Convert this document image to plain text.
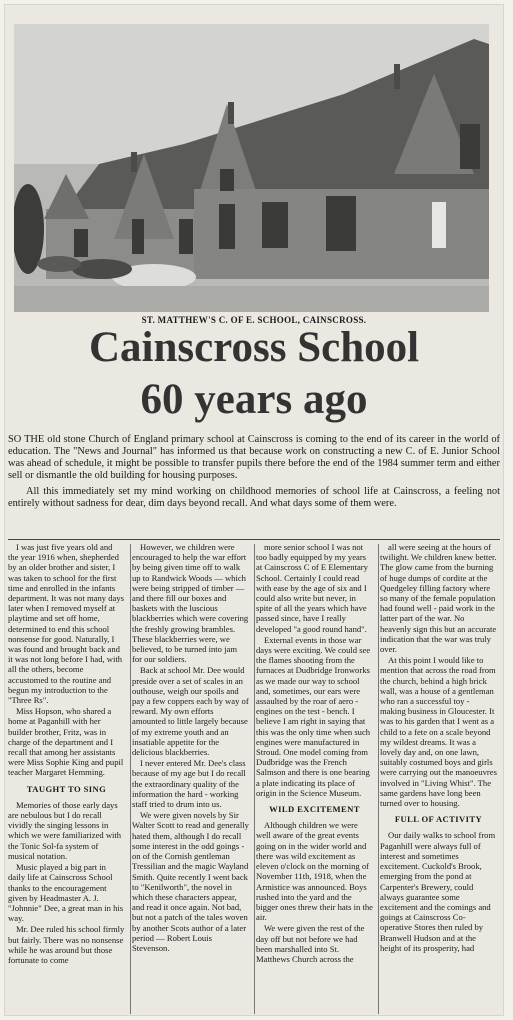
ST. MATTHEW'S C. OF E. SCHOOL, CAINSCROSS.
Cainscross School
60 years ago

SO THE old stone Church of England primary school at Cainscross is coming to the end of its career in the world of education. The "News and Journal" has informed us that because work on constructing a new C. of E. Junior School was ahead of schedule, it might be possible to transfer pupils there before the end of the 1984 summer term and either sell or dismantle the old building for housing purposes.

All this immediately set my mind working on childhood memories of school life at Cainscross, a feeling not entirely without sadness for dear, dim days beyond recall. And what days some of them were.

I was just five years old and the year 1916 when, shepherded by an older brother and sister, I was taken to school for the first time and enrolled in the infants department. It was not many days later when I removed myself at playtime and set off home, determined to end this school nonsense for good. Naturally, I was found and brought back and it was not long before I had, with all the others, become accustomed to the routine and begun my introduction to the "Three Rs".

Miss Hopson, who shared a home at Paganhill with her builder brother, Fritz, was in charge of the department and I recall that among her assistants were Miss Sophie King and pupil teacher Margaret Hemming.

TAUGHT TO SING

Memories of those early days are nebulous but I do recall vividly the singing lessons in which we were familiarized with the Tonic Sol-fa system of musical notation.

Music played a big part in daily life at Cainscross School thanks to the encouragement given by Headmaster A. J. "Johnnie" Dee, a great man in his way.

Mr. Dee ruled his school firmly but fairly. There was no nonsense while he was around but those fortunate to come

However, we children were encouraged to help the war effort by being given time off to walk up to Randwick Woods — which were being stripped of timber — and there fill our boxes and baskets with the luscious blackberries which were covering the freshly growing brambles. These blackberries were, we believed, to be turned into jam for our soldiers.

Back at school Mr. Dee would preside over a set of scales in an outhouse, weigh our spoils and pay a few coppers each by way of reward. My own efforts amounted to little largely because of my extreme youth and an insatiable appetite for the delicious blackberries.

I never entered Mr. Dee's class because of my age but I do recall the extraordinary quality of the information the hard - working staff tried to drum into us.

We were given novels by Sir Walter Scott to read and generally hated them, although I do recall some interest in the odd goings - on of the Cornish gentleman Tressilian and the magic Wayland Smith. Quite recently I went back to "Kenilworth", the novel in which these characters appear, and read it once again. Not bad, but not a patch of the tales woven by another Scots author of a later period — Robert Louis Stevenson.

more senior school I was not too badly equipped by my years at Cainscross C of E Elementary School. Certainly I could read with ease by the age of six and I could also write but never, in spite of all the years which have passed since, have I really developed "a good round hand".

External events in those war days were exciting. We could see the flames shooting from the furnaces at Dudbridge Ironworks as we made our way to school and, sometimes, our ears were assaulted by the roar of aero - engines on the test - bench. I believe I am right in saying that this was the only time when such engines were manufactured in Stroud. One model coming from Dudbridge was the French Salmson and there is one bearing a plate indicating its place of origin in the Science Museum.

WILD EXCITEMENT

Although children we were well aware of the great events going on in the wider world and there was wild excitement as eleven o'clock on the morning of November 11th, 1918, when the Armistice was announced. Boys rushed into the yard and the bigger ones threw their hats in the air.

We were given the rest of the day off but not before we had been marshalled into St. Matthews Church across the

all were seeing at the hours of twilight. We children knew better. The glow came from the burning of huge dumps of cordite at the Quedgeley filling factory where so many of the female population had found well - paid work in the latter part of the war. No heavenly sign this but an accurate indication that the war was truly over.

At this point I would like to mention that across the road from the church, behind a high brick wall, was a house of a gentleman who ran a successful toy - making business in Gloucester. It was to his garden that I went as a child to a fete on a scale beyond my wildest dreams. It was a lovely day and, on one lawn, suitably costumed boys and girls were carrying out the manoeuvres involved in "Living Whist". The same gardens have long been turned over to housing.

FULL OF ACTIVITY

Our daily walks to school from Paganhill were always full of interest and sometimes excitement. Cuckold's Brook, emerging from the pond at Carpenter's Brewery, could always guarantee some excitement and the comings and goings at Cainscross Co-operative Stores then ruled by Branwell Hudson and at the height of its prosperity, had
